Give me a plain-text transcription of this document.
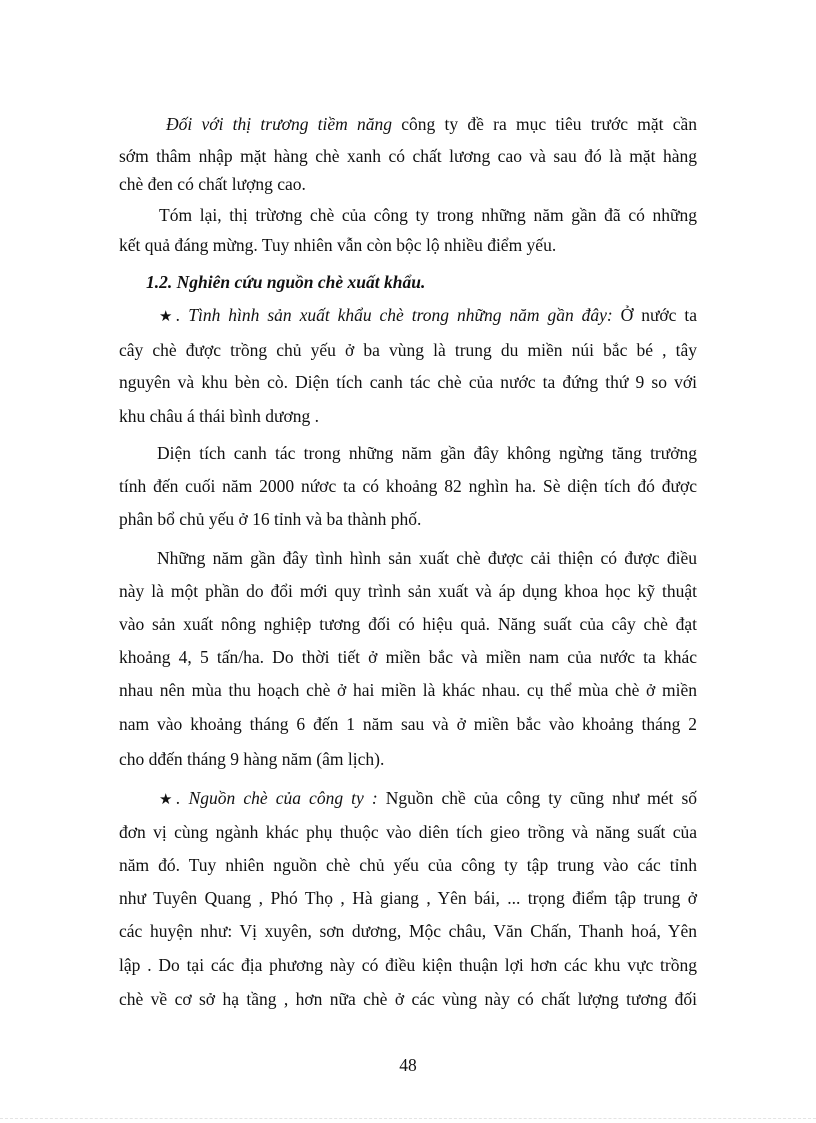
Đối với thị trương tiềm năng công ty đề ra mục tiêu trước mặt cần
sớm thâm nhập mặt hàng chè xanh có chất lương cao và sau đó là mặt hàng
chè đen có chất lượng cao.
Tóm lại, thị trừơng chè của công ty trong những năm gần đã có những
kết quả đáng mừng. Tuy nhiên vẫn còn bộc lộ nhiều điểm yếu.
1.2. Nghiên cứu nguồn chè xuất khẩu.
★. Tình hình sản xuất khẩu chè trong những năm gần đây: Ở nước ta
cây chè được trồng chủ yếu ở ba vùng là trung du miền núi bắc bé , tây
nguyên và khu bèn cò. Diện tích canh tác chè của nước ta đứng thứ 9 so với
khu châu á thái bình dương .
Diện tích canh tác trong những năm gần đây không ngừng tăng trưởng
tính đến cuối năm 2000 nứơc ta có khoảng 82 nghìn ha. Sè diện tích đó được
phân bổ chủ yếu ở 16 tỉnh và ba thành phố.
Những năm gần đây tình hình sản xuất chè được cải thiện có được điều
này là một phần do đổi mới quy trình sản xuất và áp dụng khoa học kỹ thuật
vào sản xuất nông nghiệp tương đối có hiệu quả. Năng suất của cây chè đạt
khoảng 4, 5 tấn/ha. Do thời tiết ở miền bắc và miền nam của nước ta khác
nhau nên mùa thu hoạch chè ở hai miền là khác nhau. cụ thể mùa chè ở miền
nam vào khoảng tháng 6 đến 1 năm sau và ở miền bắc vào khoảng tháng 2
cho dđến tháng 9 hàng năm (âm lịch).
★. Nguồn chè của công ty : Nguồn chề của công ty cũng như mét số
đơn vị cùng ngành khác phụ thuộc vào diên tích gieo trồng và năng suất của
năm đó. Tuy nhiên nguồn chè chủ yếu của công ty tập trung vào các tỉnh
như Tuyên Quang , Phó Thọ , Hà giang , Yên bái, ... trọng điểm tập trung ở
các huyện như: Vị xuyên, sơn dương, Mộc châu, Văn Chấn, Thanh hoá, Yên
lập . Do tại các địa phương này có điều kiện thuận lợi hơn các khu vực trồng
chè về cơ sở hạ tầng , hơn nữa chè ở các vùng này có chất lượng tương đối
48
